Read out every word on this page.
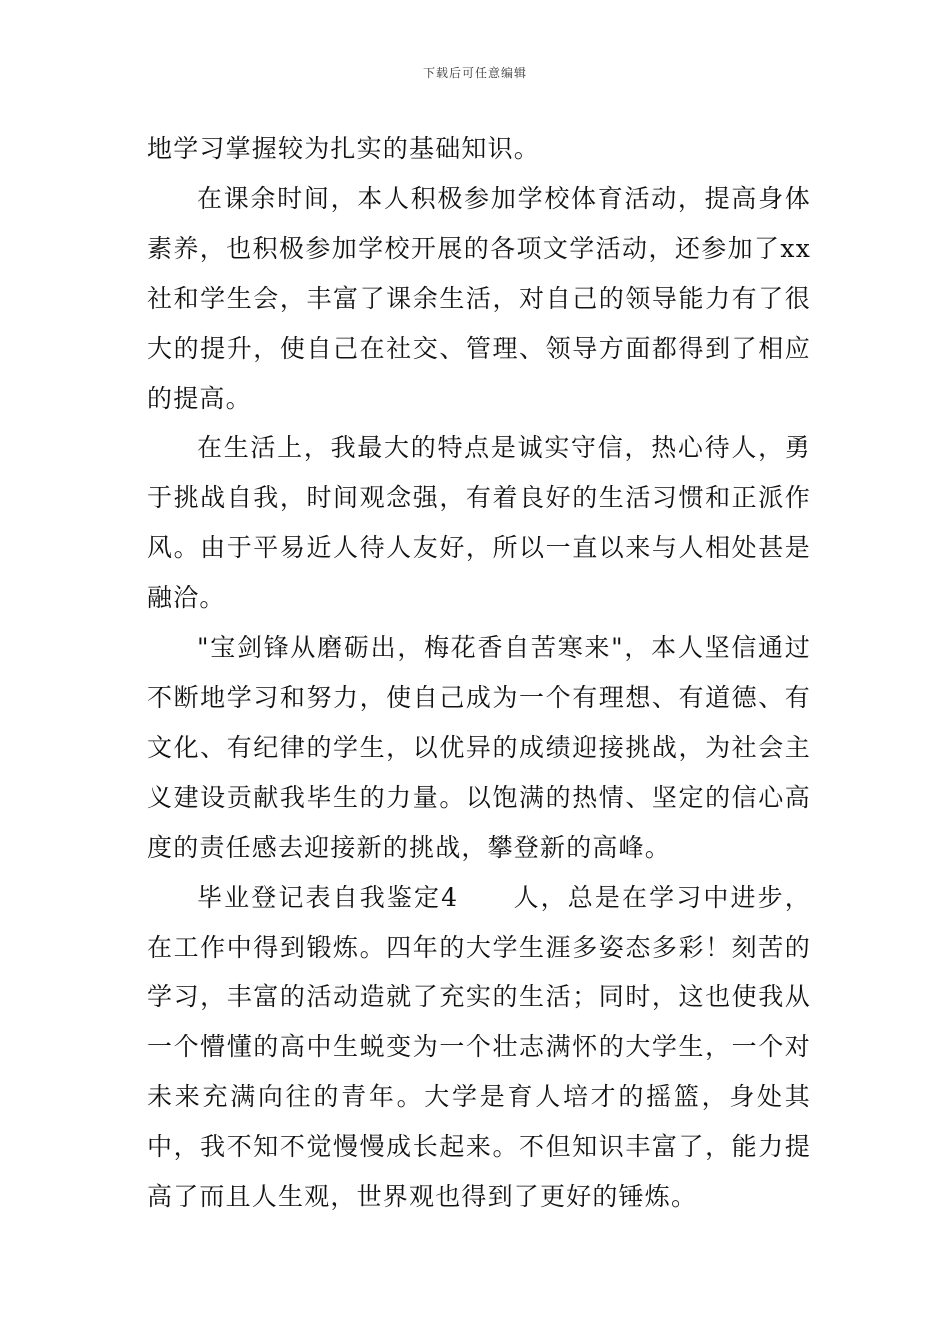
下载后可任意编辑

地学习掌握较为扎实的基础知识。

在课余时间，本人积极参加学校体育活动，提高身体素养，也积极参加学校开展的各项文学活动，还参加了xx社和学生会，丰富了课余生活，对自己的领导能力有了很大的提升，使自己在社交、管理、领导方面都得到了相应的提高。

在生活上，我最大的特点是诚实守信，热心待人，勇于挑战自我，时间观念强，有着良好的生活习惯和正派作风。由于平易近人待人友好，所以一直以来与人相处甚是融洽。

"宝剑锋从磨砺出，梅花香自苦寒来"，本人坚信通过不断地学习和努力，使自己成为一个有理想、有道德、有文化、有纪律的学生，以优异的成绩迎接挑战，为社会主义建设贡献我毕生的力量。以饱满的热情、坚定的信心高度的责任感去迎接新的挑战，攀登新的高峰。

毕业登记表自我鉴定4　　人，总是在学习中进步，在工作中得到锻炼。四年的大学生涯多姿态多彩！刻苦的学习，丰富的活动造就了充实的生活；同时，这也使我从一个懵懂的高中生蜕变为一个壮志满怀的大学生，一个对未来充满向往的青年。大学是育人培才的摇篮，身处其中，我不知不觉慢慢成长起来。不但知识丰富了，能力提高了而且人生观，世界观也得到了更好的锤炼。
